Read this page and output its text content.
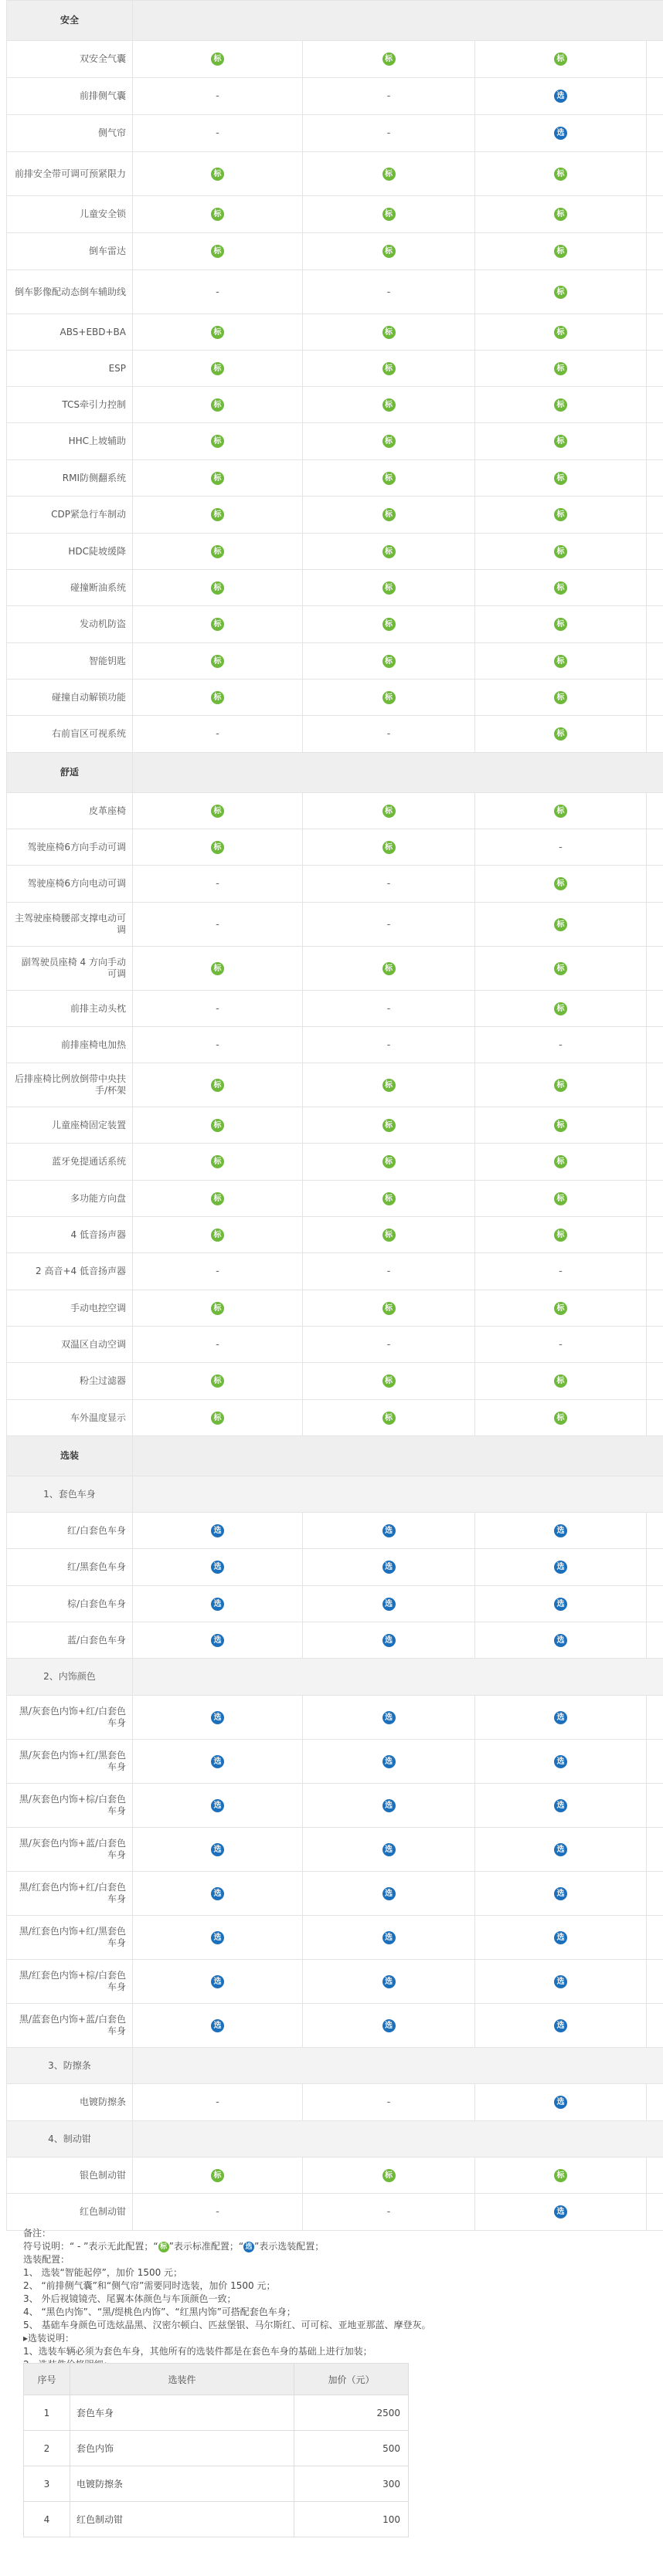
安全				
双安全气囊	标	标	标	
前排侧气囊	-	-	选	
侧气帘	-	-	选	
前排安全带可调可预紧限力	标	标	标	
儿童安全锁	标	标	标	
倒车雷达	标	标	标	
倒车影像配动态倒车辅助线	-	-	标	
ABS+EBD+BA	标	标	标	
ESP	标	标	标	
TCS牵引力控制	标	标	标	
HHC上坡辅助	标	标	标	
RMI防侧翻系统	标	标	标	
CDP紧急行车制动	标	标	标	
HDC陡坡缓降	标	标	标	
碰撞断油系统	标	标	标	
发动机防盗	标	标	标	
智能钥匙	标	标	标	
碰撞自动解锁功能	标	标	标	
右前盲区可视系统	-	-	标	
舒适				
皮革座椅	标	标	标	
驾驶座椅6方向手动可调	标	标	-	
驾驶座椅6方向电动可调	-	-	标	
主驾驶座椅腰部支撑电动可调	-	-	标	
副驾驶员座椅 4 方向手动可调	标	标	标	
前排主动头枕	-	-	标	
前排座椅电加热	-	-	-	
后排座椅比例放倒带中央扶手/杯架	标	标	标	
儿童座椅固定装置	标	标	标	
蓝牙免提通话系统	标	标	标	
多功能方向盘	标	标	标	
4 低音扬声器	标	标	标	
2 高音+4 低音扬声器	-	-	-	
手动电控空调	标	标	标	
双温区自动空调	-	-	-	
粉尘过滤器	标	标	标	
车外温度显示	标	标	标	
选装				
1、套色车身				
红/白套色车身	选	选	选	
红/黑套色车身	选	选	选	
棕/白套色车身	选	选	选	
蓝/白套色车身	选	选	选	
2、内饰颜色				
黑/灰套色内饰+红/白套色车身	选	选	选	
黑/灰套色内饰+红/黑套色车身	选	选	选	
黑/灰套色内饰+棕/白套色车身	选	选	选	
黑/灰套色内饰+蓝/白套色车身	选	选	选	
黑/红套色内饰+红/白套色车身	选	选	选	
黑/红套色内饰+红/黑套色车身	选	选	选	
黑/红套色内饰+棕/白套色车身	选	选	选	
黑/蓝套色内饰+蓝/白套色车身	选	选	选	
3、防擦条				
电镀防擦条	-	-	选	
4、制动钳				
银色制动钳	标	标	标	
红色制动钳	-	-	选	
备注：
符号说明：“ - ”表示无此配置；“ 标 ”表示标准配置；“ 选 ”表示选装配置；
选装配置：
1、 选装“智能起停”，加价 1500 元；
2、 “前排侧气囊”和“侧气帘”需要同时选装，加价 1500 元；
3、 外后视镜镜壳、尾翼本体颜色与车顶颜色一致；
4、 “黑色内饰”、“黑/缇桃色内饰”、“红黑内饰”可搭配套色车身；
5、 基础车身颜色可选炫晶黑、汉密尔顿白、匹兹堡银、马尔斯红、可可棕、亚地亚那蓝、摩登灰。
▸选装说明：
1、选装车辆必须为套色车身，其他所有的选装件都是在套色车身的基础上进行加装；
序号	选装件	加价（元）
1	套色车身	2500
2	套色内饰	500
3	电镀防擦条	300
4	红色制动钳	100
